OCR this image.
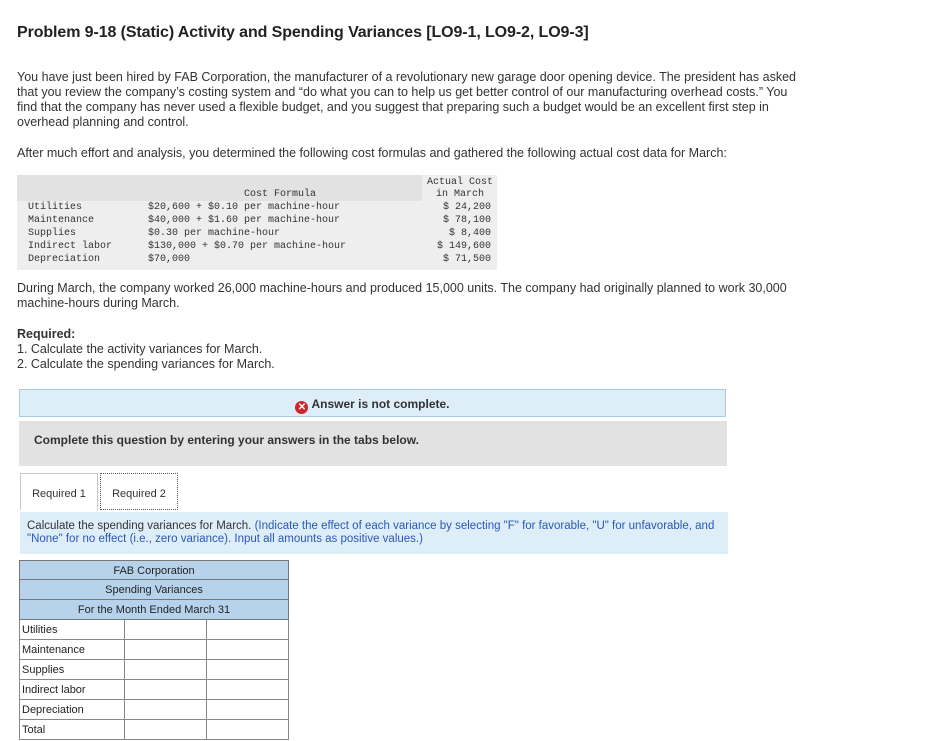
Problem 9-18 (Static) Activity and Spending Variances [LO9-1, LO9-2, LO9-3]
You have just been hired by FAB Corporation, the manufacturer of a revolutionary new garage door opening device. The president has asked that you review the company’s costing system and “do what you can to help us get better control of our manufacturing overhead costs.” You find that the company has never used a flexible budget, and you suggest that preparing such a budget would be an excellent first step in overhead planning and control.
After much effort and analysis, you determined the following cost formulas and gathered the following actual cost data for March:
Cost Formula
Actual Cost
in March
Utilities	$20,600 + $0.10 per machine-hour	$ 24,200
Maintenance	$40,000 + $1.60 per machine-hour	$ 78,100
Supplies	$0.30 per machine-hour	$ 8,400
Indirect labor	$130,000 + $0.70 per machine-hour	$ 149,600
Depreciation	$70,000	$ 71,500
During March, the company worked 26,000 machine-hours and produced 15,000 units. The company had originally planned to work 30,000 machine-hours during March.
Required:
1. Calculate the activity variances for March.
2. Calculate the spending variances for March.
✕ Answer is not complete.
Complete this question by entering your answers in the tabs below.
Required 1	Required 2
Calculate the spending variances for March. (Indicate the effect of each variance by selecting "F" for favorable, "U" for unfavorable, and "None" for no effect (i.e., zero variance). Input all amounts as positive values.)
FAB Corporation
Spending Variances
For the Month Ended March 31
Utilities
Maintenance
Supplies
Indirect labor
Depreciation
Total
